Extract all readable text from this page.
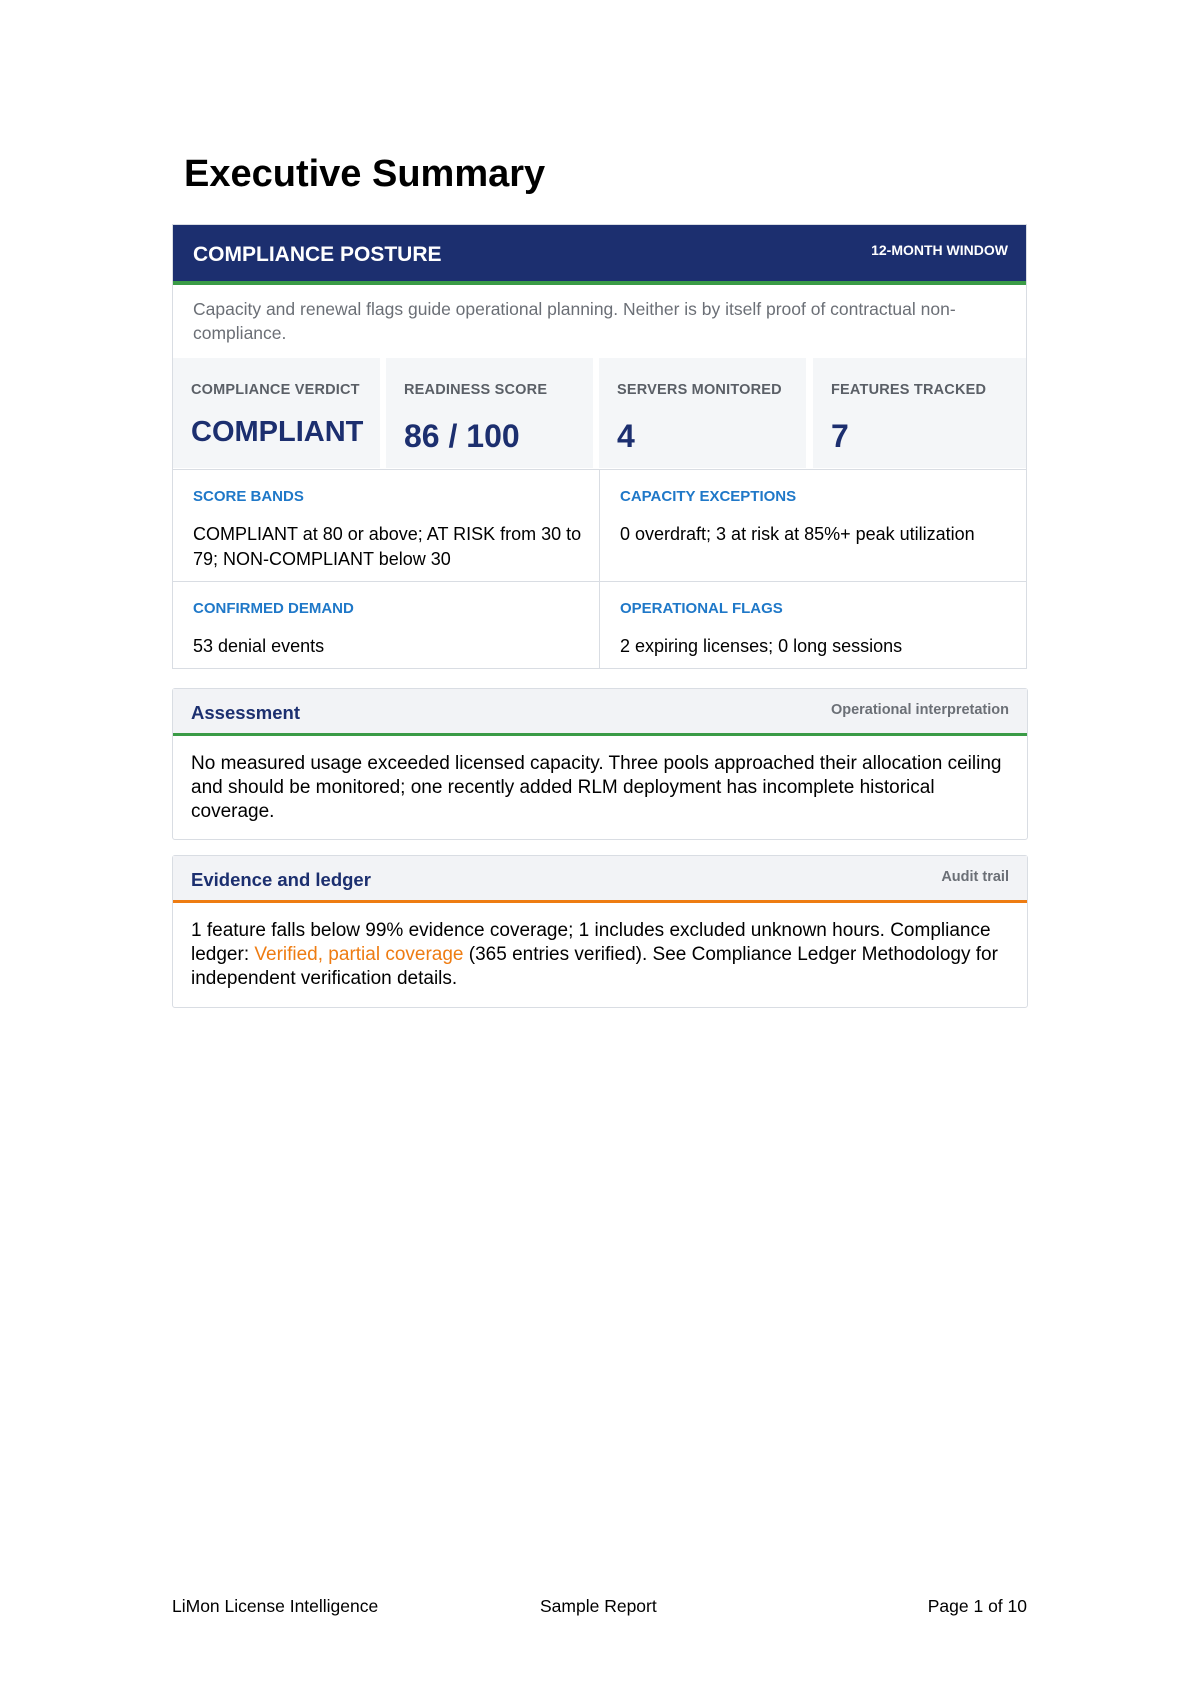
Executive Summary
COMPLIANCE POSTURE	12-MONTH WINDOW
Capacity and renewal flags guide operational planning. Neither is by itself proof of contractual non-compliance.
COMPLIANCE VERDICT
COMPLIANT
READINESS SCORE
86 / 100
SERVERS MONITORED
4
FEATURES TRACKED
7
SCORE BANDS
COMPLIANT at 80 or above; AT RISK from 30 to 79; NON-COMPLIANT below 30
CAPACITY EXCEPTIONS
0 overdraft; 3 at risk at 85%+ peak utilization
CONFIRMED DEMAND
53 denial events
OPERATIONAL FLAGS
2 expiring licenses; 0 long sessions
Assessment	Operational interpretation
No measured usage exceeded licensed capacity. Three pools approached their allocation ceiling and should be monitored; one recently added RLM deployment has incomplete historical coverage.
Evidence and ledger	Audit trail
1 feature falls below 99% evidence coverage; 1 includes excluded unknown hours. Compliance ledger: Verified, partial coverage (365 entries verified). See Compliance Ledger Methodology for independent verification details.
LiMon License Intelligence	Sample Report	Page 1 of 10
